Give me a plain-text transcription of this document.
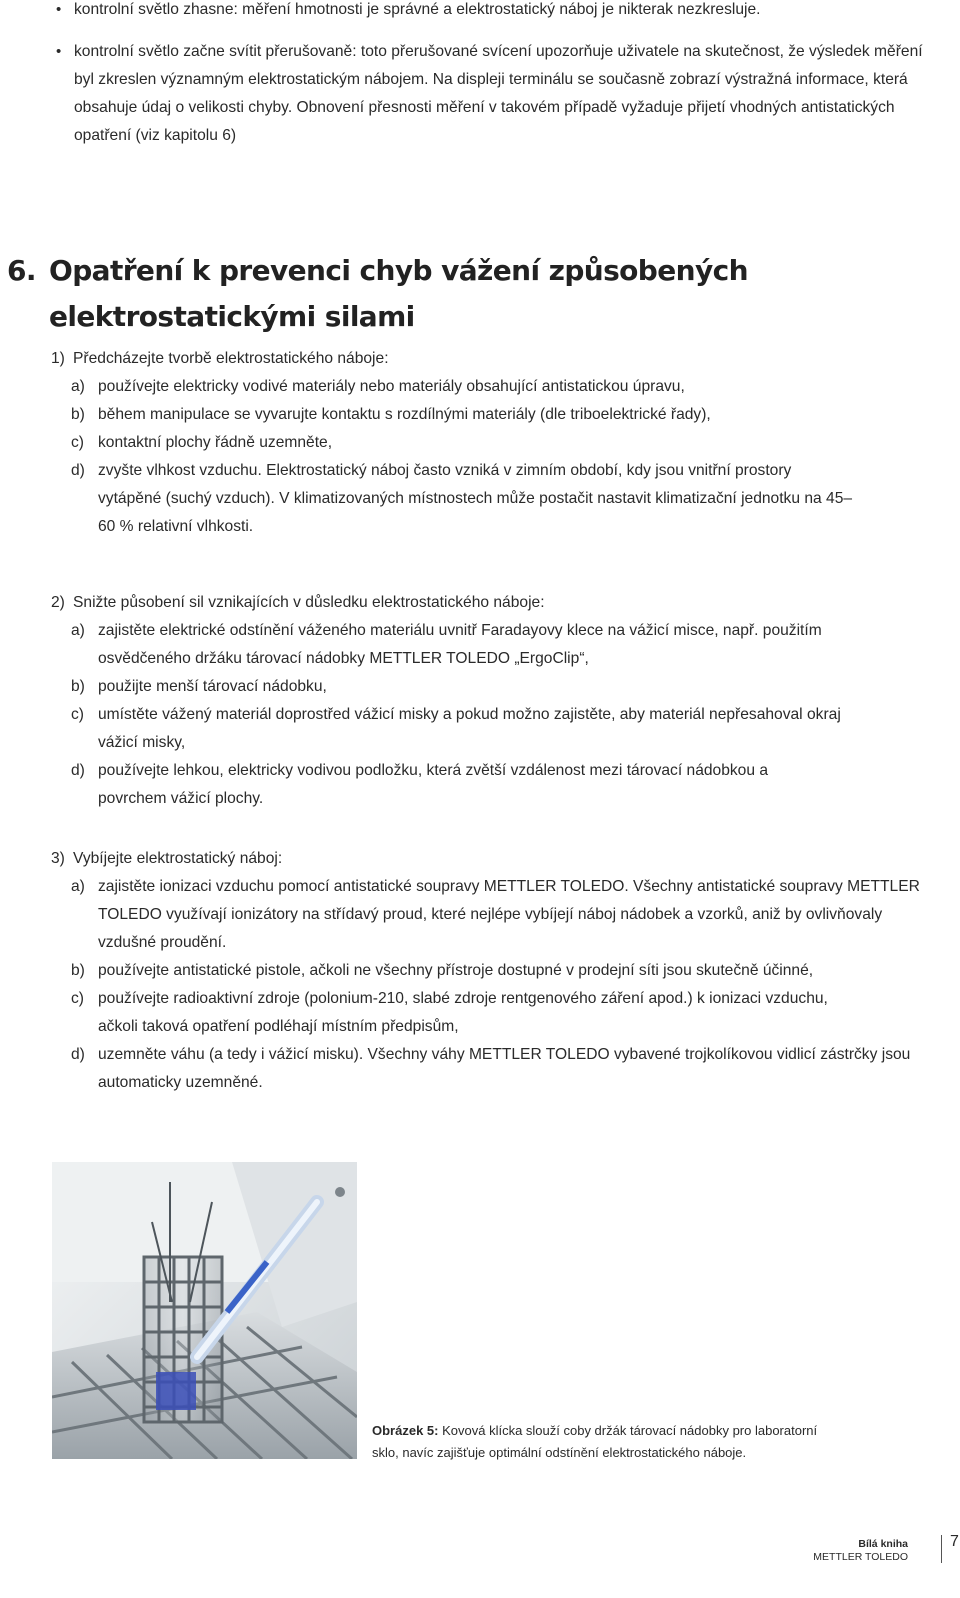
• kontrolní světlo zhasne: měření hmotnosti je správné a elektrostatický náboj je nikterak nezkresluje.
• kontrolní světlo začne svítit přerušovaně: toto přerušované svícení upozorňuje uživatele na skutečnost, že výsledek měření byl zkreslen významným elektrostatickým nábojem. Na displeji terminálu se současně zobrazí výstražná informace, která obsahuje údaj o velikosti chyby. Obnovení přesnosti měření v takovém případě vyžaduje přijetí vhodných antistatických opatření (viz kapitolu 6)
6. Opatření k prevenci chyb vážení způsobených
elektrostatickými silami

1) Předcházejte tvorbě elektrostatického náboje:

a) používejte elektricky vodivé materiály nebo materiály obsahující antistatickou úpravu,
b) během manipulace se vyvarujte kontaktu s rozdílnými materiály (dle triboelektrické řady),
c) kontaktní plochy řádně uzemněte,
d) zvyšte vlhkost vzduchu. Elektrostatický náboj často vzniká v zimním období, kdy jsou vnitřní prostory vytápěné (suchý vzduch). V klimatizovaných místnostech může postačit nastavit klimatizační jednotku na 45–60 % relativní vlhkosti.

2) Snižte působení sil vznikajících v důsledku elektrostatického náboje:

a) zajistěte elektrické odstínění váženého materiálu uvnitř Faradayovy klece na vážicí misce, např. použitím osvědčeného držáku tárovací nádobky METTLER TOLEDO „ErgoClip“,
b) použijte menší tárovací nádobku,
c) umístěte vážený materiál doprostřed vážicí misky a pokud možno zajistěte, aby materiál nepřesahoval okraj vážicí misky,
d) používejte lehkou, elektricky vodivou podložku, která zvětší vzdálenost mezi tárovací nádobkou a povrchem vážicí plochy.

3) Vybíjejte elektrostatický náboj:

a) zajistěte ionizaci vzduchu pomocí antistatické soupravy METTLER TOLEDO. Všechny antistatické soupravy METTLER TOLEDO využívají ionizátory na střídavý proud, které nejlépe vybíjejí náboj nádobek a vzorků, aniž by ovlivňovaly vzdušné proudění.
b) používejte antistatické pistole, ačkoli ne všechny přístroje dostupné v prodejní síti jsou skutečně účinné,
c) používejte radioaktivní zdroje (polonium-210, slabé zdroje rentgenového záření apod.) k ionizaci vzduchu, ačkoli taková opatření podléhají místním předpisům,
d) uzemněte váhu (a tedy i vážicí misku). Všechny váhy METTLER TOLEDO vybavené trojkolíkovou vidlicí zástrčky jsou automaticky uzemněné.
Obrázek 5: Kovová klícka slouží coby držák tárovací nádobky pro laboratorní sklo, navíc zajišťuje optimální odstínění elektrostatického náboje.
Bílá kniha
METTLER TOLEDO
7
